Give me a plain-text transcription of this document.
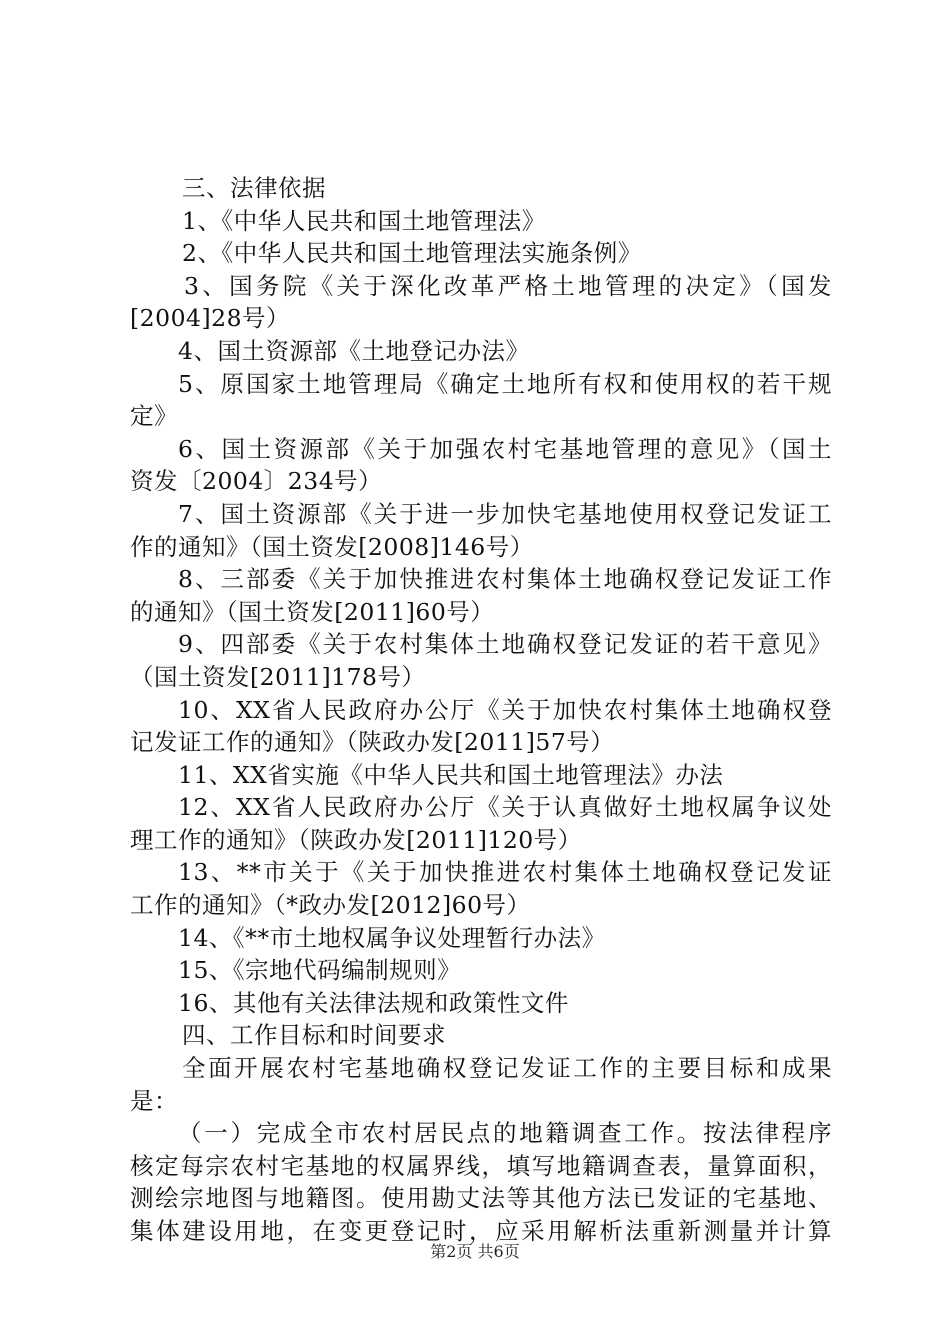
三、法律依据

1、《中华人民共和国土地管理法》

2、《中华人民共和国土地管理法实施条例》

3、国务院《关于深化改革严格土地管理的决定》（国发

[2004]28号）

4、国土资源部《土地登记办法》

5、原国家土地管理局《确定土地所有权和使用权的若干规

定》

6、国土资源部《关于加强农村宅基地管理的意见》（国土

资发〔2004〕234号）

7、国土资源部《关于进一步加快宅基地使用权登记发证工

作的通知》（国土资发[2008]146号）

8、三部委《关于加快推进农村集体土地确权登记发证工作

的通知》（国土资发[2011]60号）

9、四部委《关于农村集体土地确权登记发证的若干意见》

（国土资发[2011]178号）

10、XX省人民政府办公厅《关于加快农村集体土地确权登

记发证工作的通知》（陕政办发[2011]57号）

11、XX省实施《中华人民共和国土地管理法》办法

12、XX省人民政府办公厅《关于认真做好土地权属争议处

理工作的通知》（陕政办发[2011]120号）

13、**市关于《关于加快推进农村集体土地确权登记发证

工作的通知》（*政办发[2012]60号）

14、《**市土地权属争议处理暂行办法》

15、《宗地代码编制规则》

16、其他有关法律法规和政策性文件

四、工作目标和时间要求

全面开展农村宅基地确权登记发证工作的主要目标和成果

是：

（一）完成全市农村居民点的地籍调查工作。按法律程序

核定每宗农村宅基地的权属界线，填写地籍调查表，量算面积，

测绘宗地图与地籍图。使用勘丈法等其他方法已发证的宅基地、

集体建设用地，在变更登记时，应采用解析法重新测量并计算

第2页 共6页
